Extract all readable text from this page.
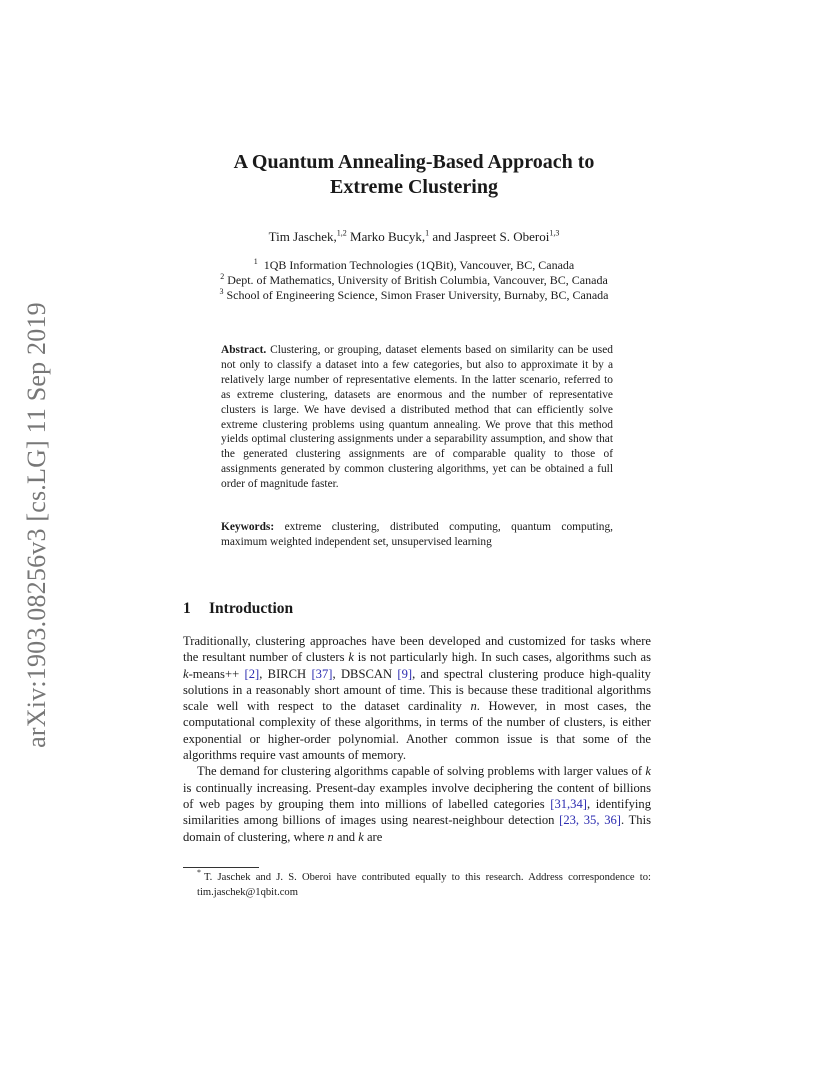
arXiv:1903.08256v3 [cs.LG] 11 Sep 2019
A Quantum Annealing-Based Approach to
Extreme Clustering
Tim Jaschek,$^{1,2}$ Marko Bucyk,$^1$ and Jaspreet S. Oberoi$^{1,3}$
$^1$ 1QB Information Technologies (1QBit), Vancouver, BC, Canada
$^2$ Dept. of Mathematics, University of British Columbia, Vancouver, BC, Canada
$^3$ School of Engineering Science, Simon Fraser University, Burnaby, BC, Canada
Abstract. Clustering, or grouping, dataset elements based on similarity can be used not only to classify a dataset into a few categories, but also to approximate it by a relatively large number of representative elements. In the latter scenario, referred to as extreme clustering, datasets are enormous and the number of representative clusters is large. We have devised a distributed method that can efficiently solve extreme clustering problems using quantum annealing. We prove that this method yields optimal clustering assignments under a separability assumption, and show that the generated clustering assignments are of comparable quality to those of assignments generated by common clustering algorithms, yet can be obtained a full order of magnitude faster.
Keywords: extreme clustering, distributed computing, quantum computing, maximum weighted independent set, unsupervised learning
1 Introduction

Traditionally, clustering approaches have been developed and customized for tasks where the resultant number of clusters k is not particularly high. In such cases, algorithms such as k-means++ [2], BIRCH [37], DBSCAN [9], and spectral clustering produce high-quality solutions in a reasonably short amount of time. This is because these traditional algorithms scale well with respect to the dataset cardinality n. However, in most cases, the computational complexity of these algorithms, in terms of the number of clusters, is either exponential or higher-order polynomial. Another common issue is that some of the algorithms require vast amounts of memory.

The demand for clustering algorithms capable of solving problems with larger values of k is continually increasing. Present-day examples involve deciphering the content of billions of web pages by grouping them into millions of labelled categories [31,34], identifying similarities among billions of images using nearest-neighbour detection [23, 35, 36]. This domain of clustering, where n and k are

* T. Jaschek and J. S. Oberoi have contributed equally to this research. Address correspondence to: tim.jaschek@1qbit.com
